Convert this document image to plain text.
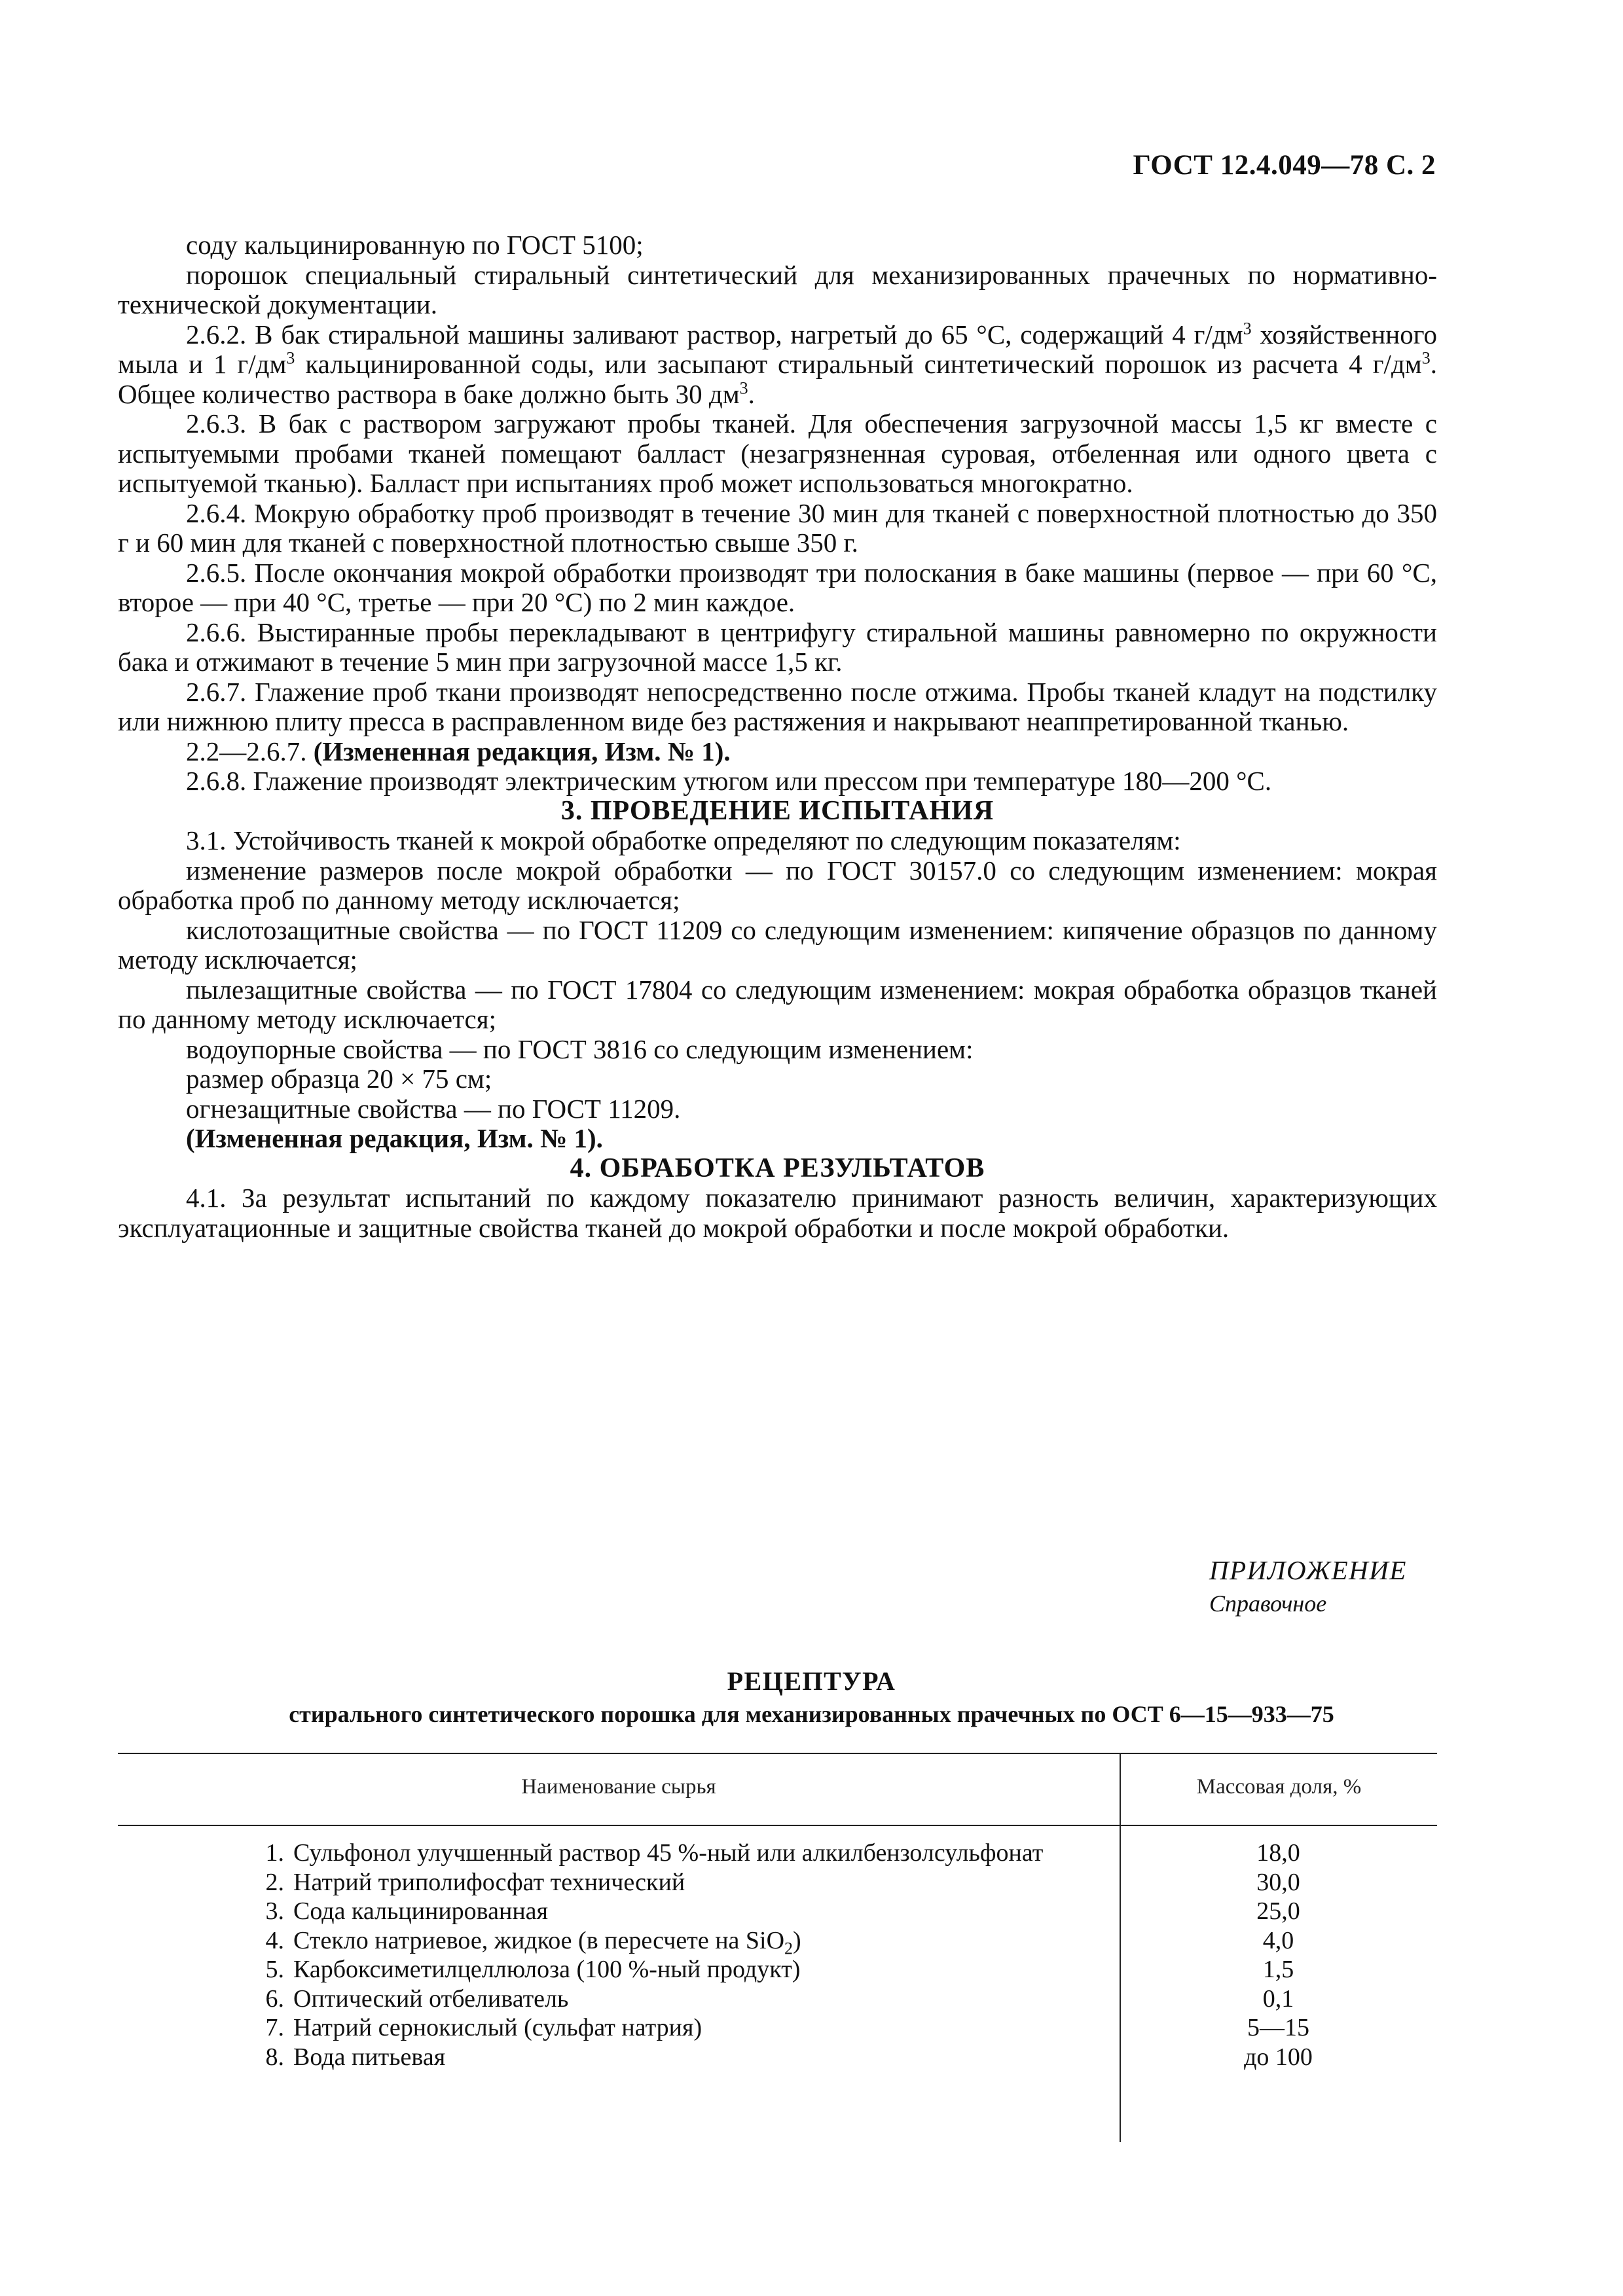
ГОСТ 12.4.049—78 С. 2

соду кальцинированную по ГОСТ 5100;

порошок специальный стиральный синтетический для механизированных прачечных по нормативно-технической документации.

2.6.2. В бак стиральной машины заливают раствор, нагретый до 65 °С, содержащий 4 $г/дм^3$ хозяйственного мыла и 1 $г/дм^3$ кальцинированной соды, или засыпают стиральный синтетический порошок из расчета 4 $г/дм^3$. Общее количество раствора в баке должно быть 30 $дм^3$.

2.6.3. В бак с раствором загружают пробы тканей. Для обеспечения загрузочной массы 1,5 кг вместе с испытуемыми пробами тканей помещают балласт (незагрязненная суровая, отбеленная или одного цвета с испытуемой тканью). Балласт при испытаниях проб может использоваться многократно.

2.6.4. Мокрую обработку проб производят в течение 30 мин для тканей с поверхностной плотностью до 350 г и 60 мин для тканей с поверхностной плотностью свыше 350 г.

2.6.5. После окончания мокрой обработки производят три полоскания в баке машины (первое — при 60 °С, второе — при 40 °С, третье — при 20 °С) по 2 мин каждое.

2.6.6. Выстиранные пробы перекладывают в центрифугу стиральной машины равномерно по окружности бака и отжимают в течение 5 мин при загрузочной массе 1,5 кг.

2.6.7. Глажение проб ткани производят непосредственно после отжима. Пробы тканей кладут на подстилку или нижнюю плиту пресса в расправленном виде без растяжения и накрывают неаппретированной тканью.

2.2—2.6.7. (Измененная редакция, Изм. № 1).

2.6.8. Глажение производят электрическим утюгом или прессом при температуре 180—200 °С.

3. ПРОВЕДЕНИЕ ИСПЫТАНИЯ

3.1. Устойчивость тканей к мокрой обработке определяют по следующим показателям:

изменение размеров после мокрой обработки — по ГОСТ 30157.0 со следующим изменением: мокрая обработка проб по данному методу исключается;

кислотозащитные свойства — по ГОСТ 11209 со следующим изменением: кипячение образцов по данному методу исключается;

пылезащитные свойства — по ГОСТ 17804 со следующим изменением: мокрая обработка образцов тканей по данному методу исключается;

водоупорные свойства — по ГОСТ 3816 со следующим изменением:

размер образца 20 × 75 см;

огнезащитные свойства — по ГОСТ 11209.

(Измененная редакция, Изм. № 1).

4. ОБРАБОТКА РЕЗУЛЬТАТОВ

4.1. За результат испытаний по каждому показателю принимают разность величин, характеризующих эксплуатационные и защитные свойства тканей до мокрой обработки и после мокрой обработки.

ПРИЛОЖЕНИЕ
Справочное
РЕЦЕПТУРА
стирального синтетического порошка для механизированных прачечных по ОСТ 6—15—933—75
Наименование сырья	Массовая доля, %
1. Сульфонол улучшенный раствор 45 %-ный или алкилбензолсульфонат	18,0
2. Натрий триполифосфат технический	30,0
3. Сода кальцинированная	25,0
4. Стекло натриевое, жидкое (в пересчете на SiO$_2$)	4,0
5. Карбоксиметилцеллюлоза (100 %-ный продукт)	1,5
6. Оптический отбеливатель	0,1
7. Натрий сернокислый (сульфат натрия)	5—15
8. Вода питьевая	до 100
